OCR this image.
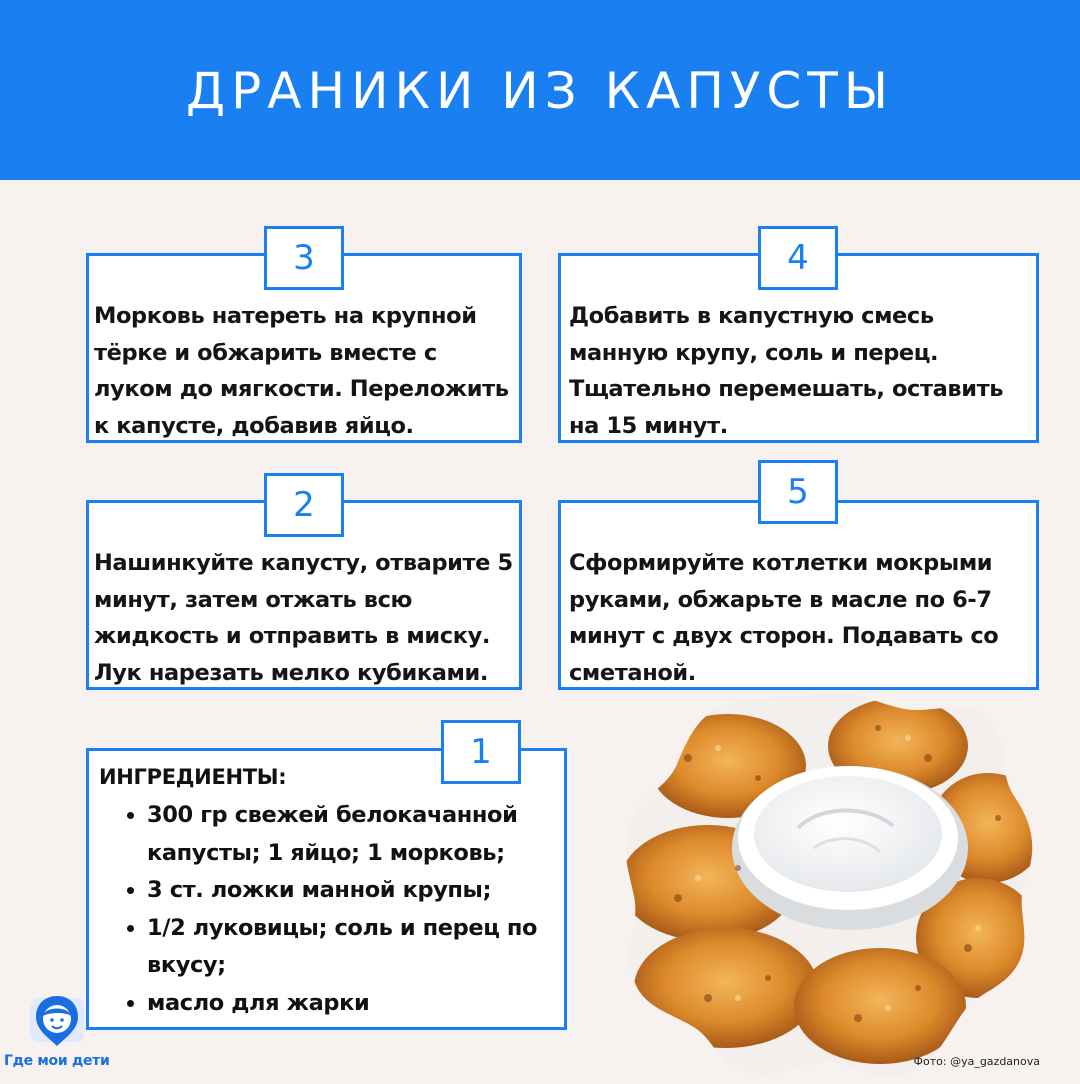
ДРАНИКИ ИЗ КАПУСТЫ
Морковь натереть на крупной тёрке и обжарить вместе с луком до мягкости. Переложить к капусте, добавив яйцо.
3
Добавить в капустную смесь манную крупу, соль и перец. Тщательно перемешать, оставить на 15 минут.
4
Нашинкуйте капусту, отварите 5 минут, затем отжать всю жидкость и отправить в миску. Лук нарезать мелко кубиками.
2
Сформируйте котлетки мокрыми руками, обжарьте в масле по 6-7 минут с двух сторон. Подавать со сметаной.
5
ИНГРЕДИЕНТЫ:
• 300 гр свежей белокачанной капусты; 1 яйцо; 1 морковь;
• 3 ст. ложки манной крупы;
• 1/2 луковицы; соль и перец по вкусу;
• масло для жарки
1
Где мои дети	Фото: @ya_gazdanova
